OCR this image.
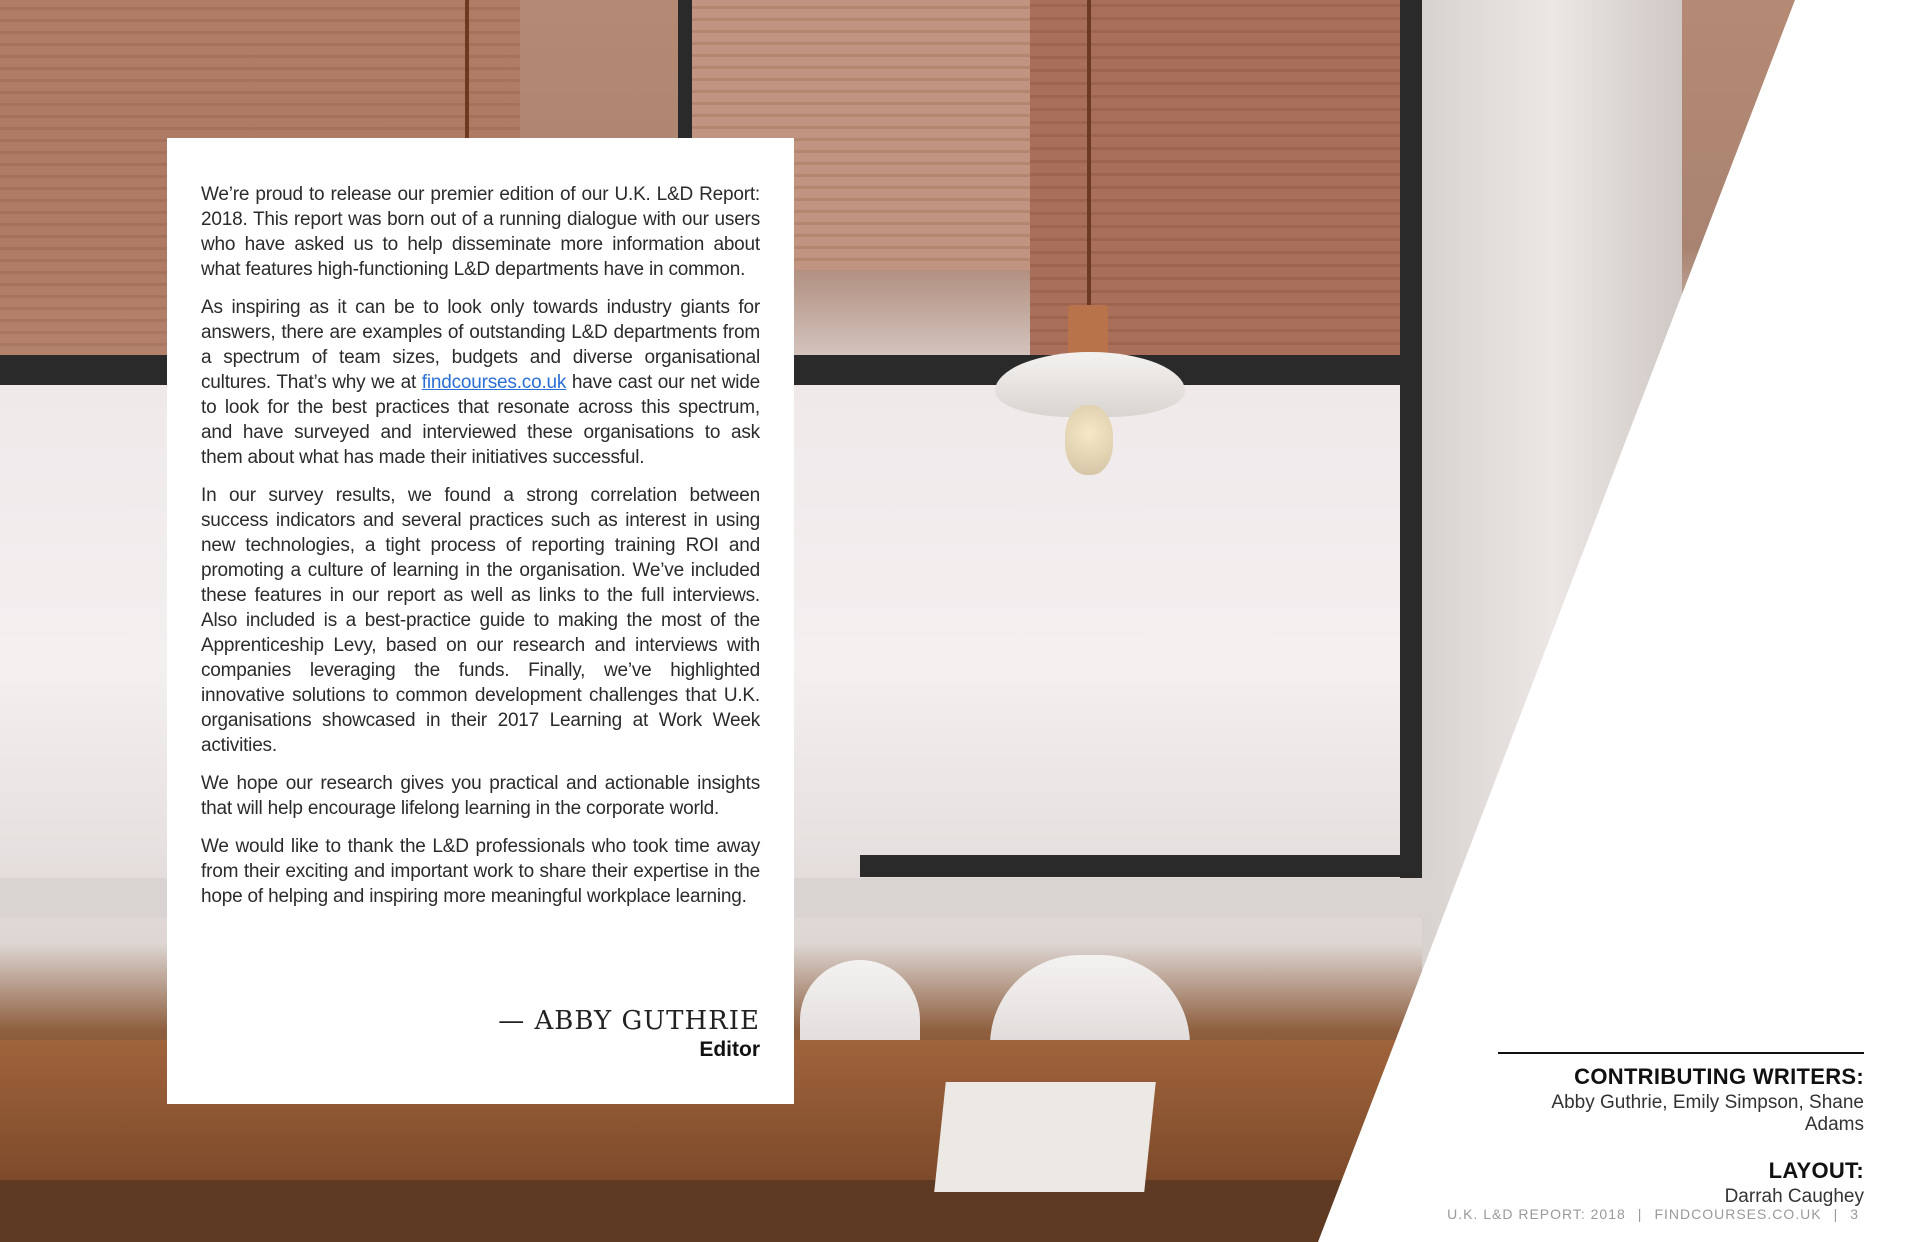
We’re proud to release our premier edition of our U.K. L&D Report: 2018. This report was born out of a running dialogue with our users who have asked us to help disseminate more information about what features high-functioning L&D departments have in common.

As inspiring as it can be to look only towards industry giants for answers, there are examples of outstanding L&D departments from a spectrum of team sizes, budgets and diverse organisational cultures. That’s why we at findcourses.co.uk have cast our net wide to look for the best practices that resonate across this spectrum, and have surveyed and interviewed these organisations to ask them about what has made their initiatives successful.

In our survey results, we found a strong correlation between success indicators and several practices such as interest in using new technologies, a tight process of reporting training ROI and promoting a culture of learning in the organisation. We’ve included these features in our report as well as links to the full interviews. Also included is a best-practice guide to making the most of the Apprenticeship Levy, based on our research and interviews with companies leveraging the funds. Finally, we’ve highlighted innovative solutions to common development challenges that U.K. organisations showcased in their 2017 Learning at Work Week activities.

We hope our research gives you practical and actionable insights that will help encourage lifelong learning in the corporate world.

We would like to thank the L&D professionals who took time away from their exciting and important work to share their expertise in the hope of helping and inspiring more meaningful workplace learning.

— ABBY GUTHRIE
Editor
CONTRIBUTING WRITERS:
Abby Guthrie, Emily Simpson, Shane Adams
LAYOUT:
Darrah Caughey
U.K. L&D REPORT: 2018 | FINDCOURSES.CO.UK | 3
